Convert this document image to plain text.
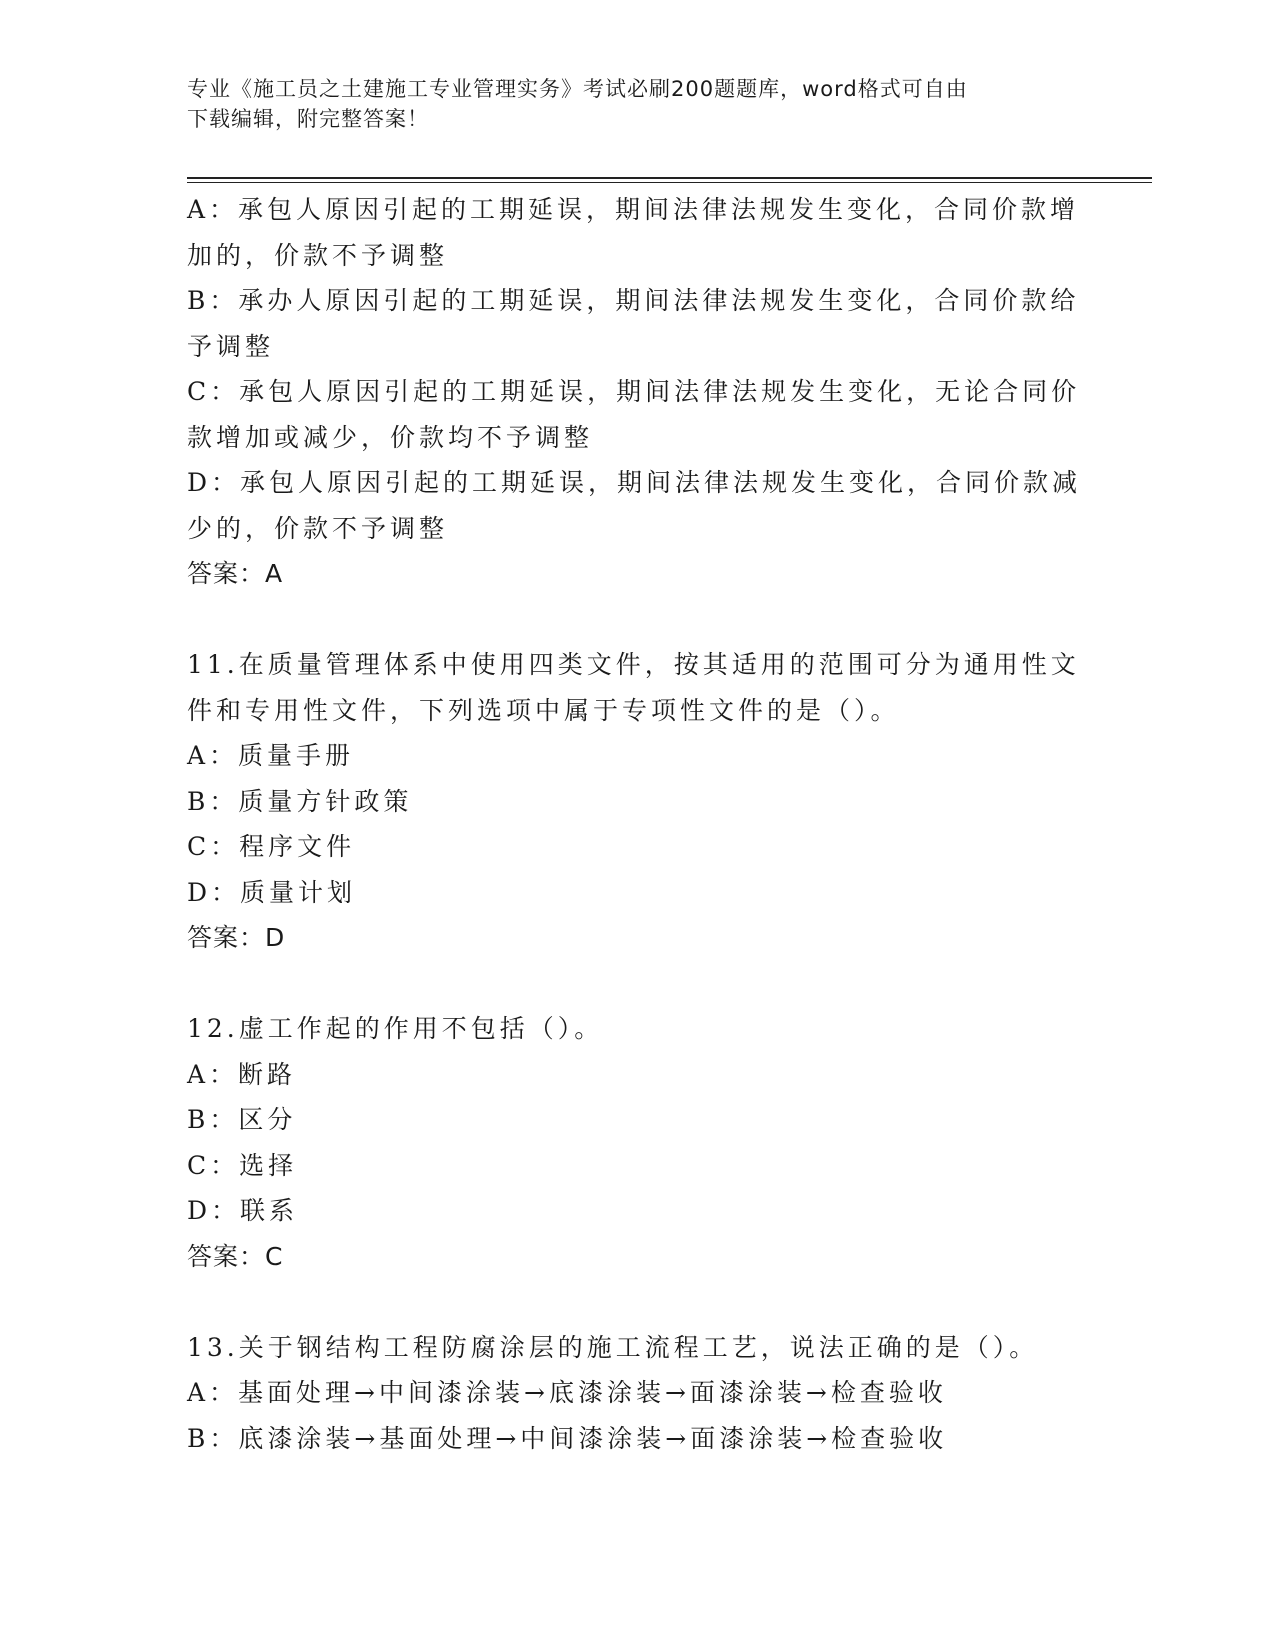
专业《施工员之土建施工专业管理实务》考试必刷200题题库，word格式可自由
下载编辑，附完整答案！
A：承包人原因引起的工期延误，期间法律法规发生变化，合同价款增
加的，价款不予调整
B：承办人原因引起的工期延误，期间法律法规发生变化，合同价款给
予调整
C：承包人原因引起的工期延误，期间法律法规发生变化，无论合同价
款增加或减少，价款均不予调整
D：承包人原因引起的工期延误，期间法律法规发生变化，合同价款减
少的，价款不予调整
答案：A
11.在质量管理体系中使用四类文件，按其适用的范围可分为通用性文
件和专用性文件，下列选项中属于专项性文件的是（）。
A：质量手册
B：质量方针政策
C：程序文件
D：质量计划
答案：D
12.虚工作起的作用不包括（）。
A：断路
B：区分
C：选择
D：联系
答案：C
13.关于钢结构工程防腐涂层的施工流程工艺，说法正确的是（）。
A：基面处理→中间漆涂装→底漆涂装→面漆涂装→检查验收
B：底漆涂装→基面处理→中间漆涂装→面漆涂装→检查验收
